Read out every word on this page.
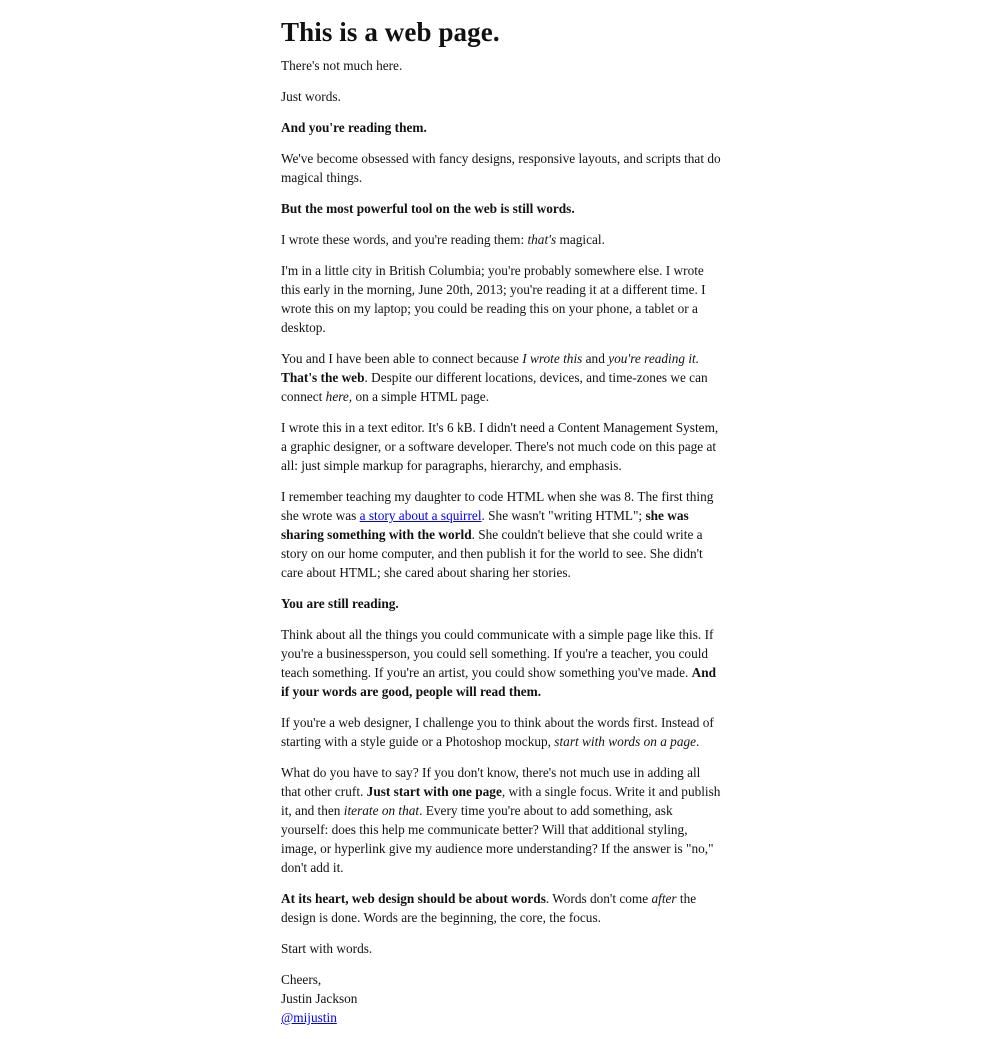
This is a web page.

There's not much here.

Just words.

And you're reading them.

We've become obsessed with fancy designs, responsive layouts, and scripts that do magical things.

But the most powerful tool on the web is still words.

I wrote these words, and you're reading them: that's magical.

I'm in a little city in British Columbia; you're probably somewhere else. I wrote this early in the morning, June 20th, 2013; you're reading it at a different time. I wrote this on my laptop; you could be reading this on your phone, a tablet or a desktop.

You and I have been able to connect because I wrote this and you're reading it. That's the web. Despite our different locations, devices, and time-zones we can connect here, on a simple HTML page.

I wrote this in a text editor. It's 6 kB. I didn't need a Content Management System, a graphic designer, or a software developer. There's not much code on this page at all: just simple markup for paragraphs, hierarchy, and emphasis.

I remember teaching my daughter to code HTML when she was 8. The first thing she wrote was a story about a squirrel. She wasn't "writing HTML"; she was sharing something with the world. She couldn't believe that she could write a story on our home computer, and then publish it for the world to see. She didn't care about HTML; she cared about sharing her stories.

You are still reading.

Think about all the things you could communicate with a simple page like this. If you're a businessperson, you could sell something. If you're a teacher, you could teach something. If you're an artist, you could show something you've made. And if your words are good, people will read them.

If you're a web designer, I challenge you to think about the words first. Instead of starting with a style guide or a Photoshop mockup, start with words on a page.

What do you have to say? If you don't know, there's not much use in adding all that other cruft. Just start with one page, with a single focus. Write it and publish it, and then iterate on that. Every time you're about to add something, ask yourself: does this help me communicate better? Will that additional styling, image, or hyperlink give my audience more understanding? If the answer is "no," don't add it.

At its heart, web design should be about words. Words don't come after the design is done. Words are the beginning, the core, the focus.

Start with words.

Cheers,
Justin Jackson
@mijustin
